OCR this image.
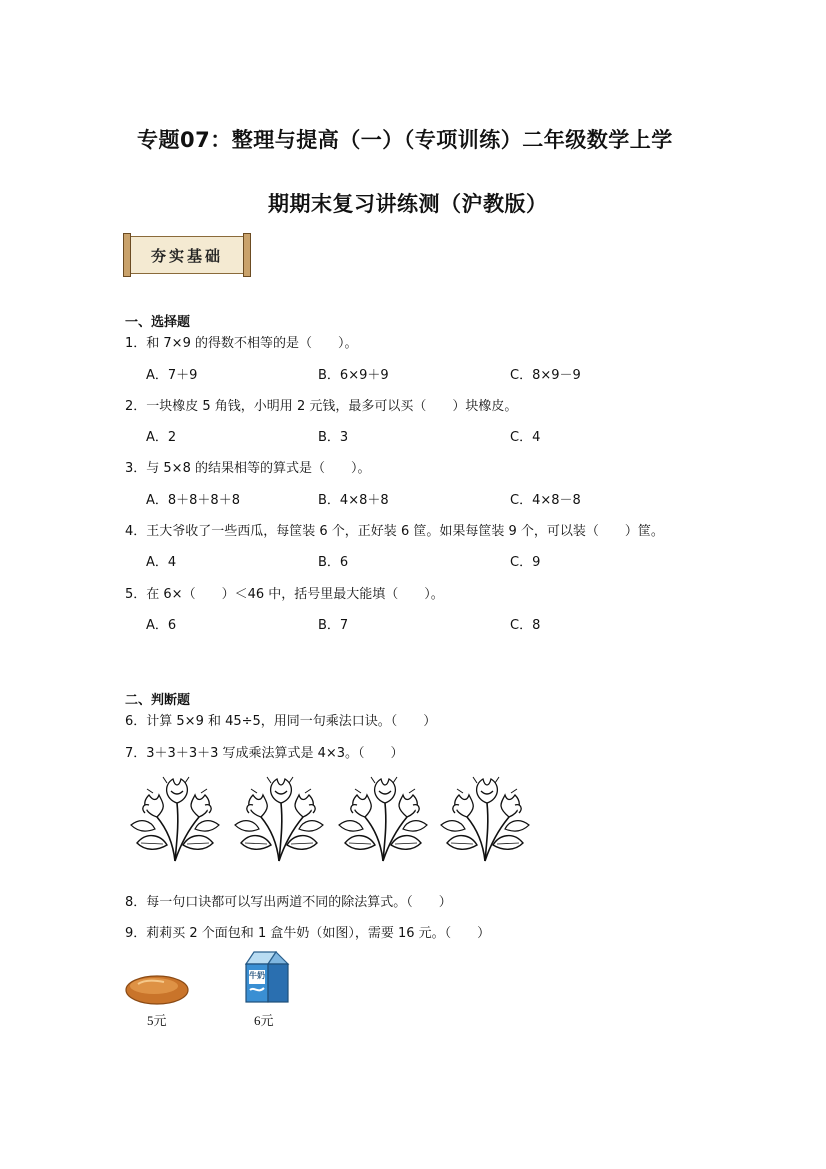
专题07：整理与提高（一）（专项训练）二年级数学上学
期期末复习讲练测（沪教版）
夯实基础
一、选择题
1．和 7×9 的得数不相等的是（　　）。
A．7＋9	B．6×9＋9	C．8×9－9
2．一块橡皮 5 角钱，小明用 2 元钱，最多可以买（　　）块橡皮。
A．2	B．3	C．4
3．与 5×8 的结果相等的算式是（　　）。
A．8＋8＋8＋8	B．4×8＋8	C．4×8－8
4．王大爷收了一些西瓜，每筐装 6 个，正好装 6 筐。如果每筐装 9 个，可以装（　　）筐。
A．4	B．6	C．9
5．在 6×（　　）＜46 中，括号里最大能填（　　）。
A．6	B．7	C．8
二、判断题
6．计算 5×9 和 45÷5，用同一句乘法口诀。（　　）
7．3＋3＋3＋3 写成乘法算式是 4×3。（　　）
8．每一句口诀都可以写出两道不同的除法算式。（　　）
9．莉莉买 2 个面包和 1 盒牛奶（如图），需要 16 元。（　　）
5元
牛奶
6元
